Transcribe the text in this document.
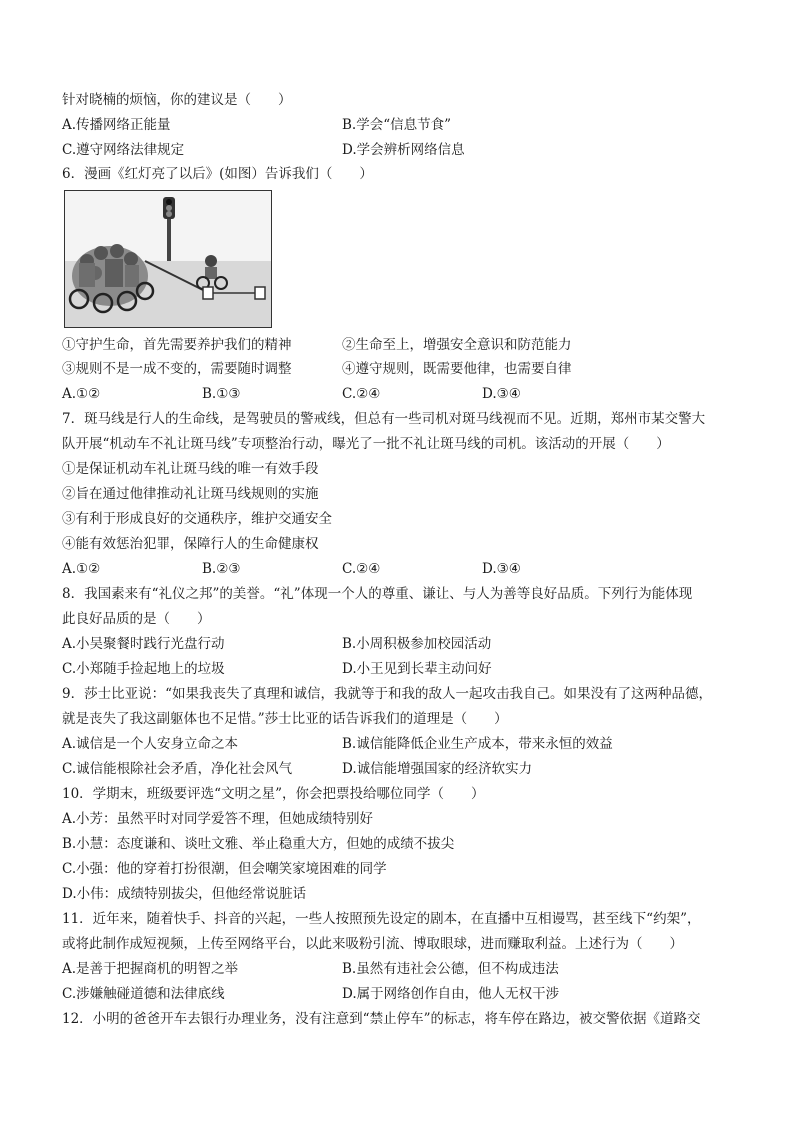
针对晓楠的烦恼，你的建议是（　　）
A.传播网络正能量	B.学会“信息节食”
C.遵守网络法律规定	D.学会辨析网络信息
6．漫画《红灯亮了以后》(如图）告诉我们（　　）
①守护生命，首先需要养护我们的精神	②生命至上，增强安全意识和防范能力
③规则不是一成不变的，需要随时调整	④遵守规则，既需要他律，也需要自律
A.①②	B.①③	C.②④	D.③④
7．斑马线是行人的生命线，是驾驶员的警戒线，但总有一些司机对斑马线视而不见。近期，郑州市某交警大
队开展“机动车不礼让斑马线”专项整治行动，曝光了一批不礼让斑马线的司机。该活动的开展（　　）
①是保证机动车礼让斑马线的唯一有效手段
②旨在通过他律推动礼让斑马线规则的实施
③有利于形成良好的交通秩序，维护交通安全
④能有效惩治犯罪，保障行人的生命健康权
A.①②	B.②③	C.②④	D.③④
8．我国素来有“礼仪之邦”的美誉。“礼”体现一个人的尊重、谦让、与人为善等良好品质。下列行为能体现
此良好品质的是（　　）
A.小吴聚餐时践行光盘行动	B.小周积极参加校园活动
C.小郑随手捡起地上的垃圾	D.小王见到长辈主动问好
9．莎士比亚说：“如果我丧失了真理和诚信，我就等于和我的敌人一起攻击我自己。如果没有了这两种品德，
就是丧失了我这副躯体也不足惜。”莎士比亚的话告诉我们的道理是（　　）
A.诚信是一个人安身立命之本	B.诚信能降低企业生产成本，带来永恒的效益
C.诚信能根除社会矛盾，净化社会风气	D.诚信能增强国家的经济软实力
10．学期末，班级要评选“文明之星”，你会把票投给哪位同学（　　）
A.小芳：虽然平时对同学爱答不理，但她成绩特别好
B.小慧：态度谦和、谈吐文雅、举止稳重大方，但她的成绩不拔尖
C.小强：他的穿着打扮很潮，但会嘲笑家境困难的同学
D.小伟：成绩特别拔尖，但他经常说脏话
11．近年来，随着快手、抖音的兴起，一些人按照预先设定的剧本，在直播中互相谩骂，甚至线下“约架”，
或将此制作成短视频，上传至网络平台，以此来吸粉引流、博取眼球，进而赚取利益。上述行为（　　）
A.是善于把握商机的明智之举	B.虽然有违社会公德，但不构成违法
C.涉嫌触碰道德和法律底线	D.属于网络创作自由，他人无权干涉
12．小明的爸爸开车去银行办理业务，没有注意到“禁止停车”的标志，将车停在路边，被交警依据《道路交
